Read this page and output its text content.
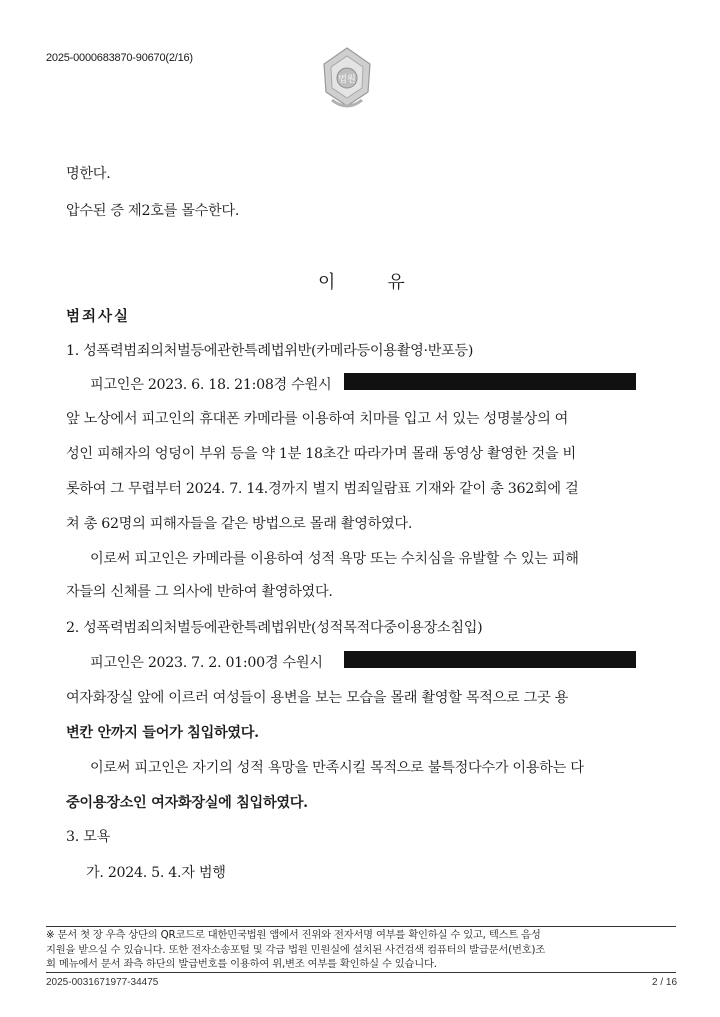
2025-0000683870-90670(2/16)
법원
명한다.
압수된 증 제2호를 몰수한다.
이	유
범죄사실
1. 성폭력범죄의처벌등에관한특례법위반(카메라등이용촬영·반포등)
피고인은 2023. 6. 18. 21:08경 수원시
앞 노상에서 피고인의 휴대폰 카메라를 이용하여 치마를 입고 서 있는 성명불상의 여
성인 피해자의 엉덩이 부위 등을 약 1분 18초간 따라가며 몰래 동영상 촬영한 것을 비
롯하여 그 무렵부터 2024. 7. 14.경까지 별지 범죄일람표 기재와 같이 총 362회에 걸
쳐 총 62명의 피해자들을 같은 방법으로 몰래 촬영하였다.
이로써 피고인은 카메라를 이용하여 성적 욕망 또는 수치심을 유발할 수 있는 피해
자들의 신체를 그 의사에 반하여 촬영하였다.
2. 성폭력범죄의처벌등에관한특례법위반(성적목적다중이용장소침입)
피고인은 2023. 7. 2. 01:00경 수원시
여자화장실 앞에 이르러 여성들이 용변을 보는 모습을 몰래 촬영할 목적으로 그곳 용
변칸 안까지 들어가 침입하였다.
이로써 피고인은 자기의 성적 욕망을 만족시킬 목적으로 불특정다수가 이용하는 다
중이용장소인 여자화장실에 침입하였다.
3. 모욕
가. 2024. 5. 4.자 범행
※ 문서 첫 장 우측 상단의 QR코드로 대한민국법원 앱에서 진위와 전자서명 여부를 확인하실 수 있고, 텍스트 음성
지원을 받으실 수 있습니다. 또한 전자소송포털 및 각급 법원 민원실에 설치된 사건검색 컴퓨터의 발급문서(번호)조
회 메뉴에서 문서 좌측 하단의 발급번호를 이용하여 위,변조 여부를 확인하실 수 있습니다.
2025-0031671977-34475	2 / 16
